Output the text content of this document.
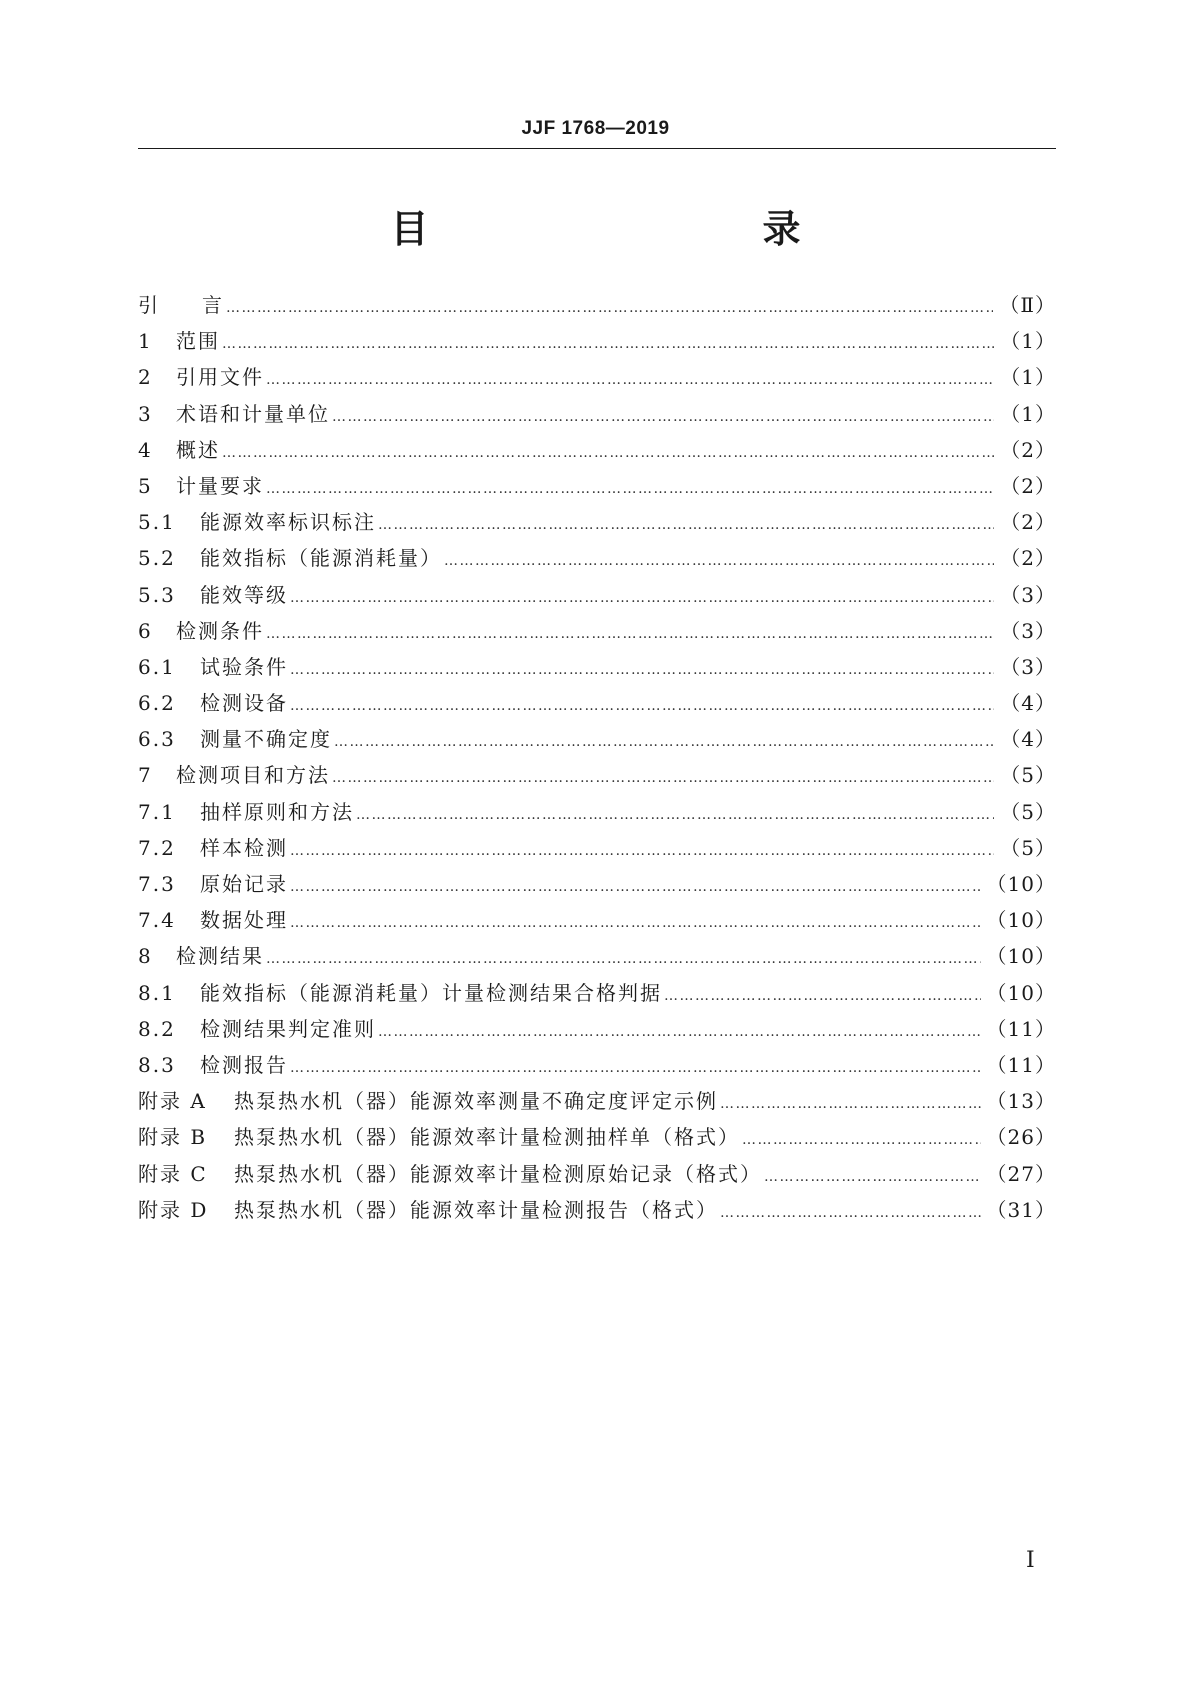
JJF 1768—2019
目　　录
引	言 …………………………………………………………………………………………………………………………………………………………………………………………………………	（Ⅱ）
1	范围 …………………………………………………………………………………………………………………………………………………………………………………………………………	（1）
2	引用文件 …………………………………………………………………………………………………………………………………………………………………………………………………………	（1）
3	术语和计量单位 …………………………………………………………………………………………………………………………………………………………………………………………………………	（1）
4	概述 …………………………………………………………………………………………………………………………………………………………………………………………………………	（2）
5	计量要求 …………………………………………………………………………………………………………………………………………………………………………………………………………	（2）
5.1	能源效率标识标注 …………………………………………………………………………………………………………………………………………………………………………………………………………	（2）
5.2	能效指标（能源消耗量） …………………………………………………………………………………………………………………………………………………………………………………………………………	（2）
5.3	能效等级 …………………………………………………………………………………………………………………………………………………………………………………………………………	（3）
6	检测条件 …………………………………………………………………………………………………………………………………………………………………………………………………………	（3）
6.1	试验条件 …………………………………………………………………………………………………………………………………………………………………………………………………………	（3）
6.2	检测设备 …………………………………………………………………………………………………………………………………………………………………………………………………………	（4）
6.3	测量不确定度 …………………………………………………………………………………………………………………………………………………………………………………………………………	（4）
7	检测项目和方法 …………………………………………………………………………………………………………………………………………………………………………………………………………	（5）
7.1	抽样原则和方法 …………………………………………………………………………………………………………………………………………………………………………………………………………	（5）
7.2	样本检测 …………………………………………………………………………………………………………………………………………………………………………………………………………	（5）
7.3	原始记录 …………………………………………………………………………………………………………………………………………………………………………………………………………	（10）
7.4	数据处理 …………………………………………………………………………………………………………………………………………………………………………………………………………	（10）
8	检测结果 …………………………………………………………………………………………………………………………………………………………………………………………………………	（10）
8.1	能效指标（能源消耗量）计量检测结果合格判据 …………………………………………………………………………………………………………………………………………………………………………………………………………	（10）
8.2	检测结果判定准则 …………………………………………………………………………………………………………………………………………………………………………………………………………	（11）
8.3	检测报告 …………………………………………………………………………………………………………………………………………………………………………………………………………	（11）
附录 A	热泵热水机（器）能源效率测量不确定度评定示例 …………………………………………………………………………………………………………………………………………………………………………………………………………	（13）
附录 B	热泵热水机（器）能源效率计量检测抽样单（格式） …………………………………………………………………………………………………………………………………………………………………………………………………………	（26）
附录 C	热泵热水机（器）能源效率计量检测原始记录（格式） …………………………………………………………………………………………………………………………………………………………………………………………………………	（27）
附录 D	热泵热水机（器）能源效率计量检测报告（格式） …………………………………………………………………………………………………………………………………………………………………………………………………………	（31）
Ⅰ
